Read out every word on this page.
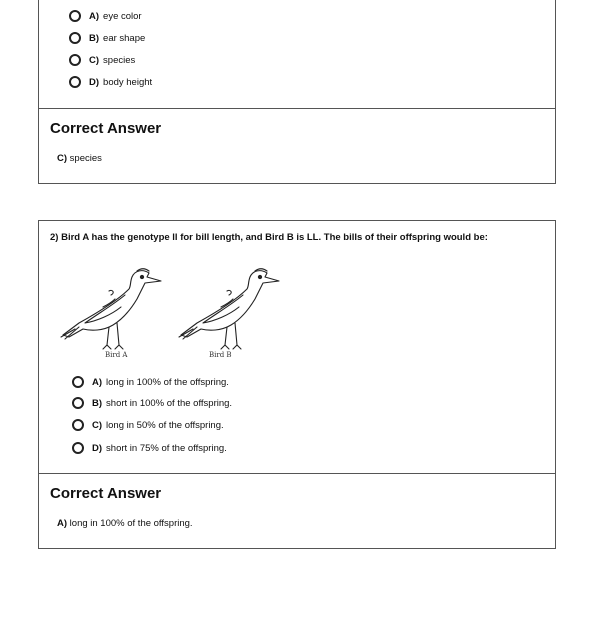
A) eye color
B) ear shape
C) species
D) body height
Correct Answer
C) species
2) Bird A has the genotype ll for bill length, and Bird B is LL. The bills of their offspring would be:
Bird A	Bird B
A) long in 100% of the offspring.
B) short in 100% of the offspring.
C) long in 50% of the offspring.
D) short in 75% of the offspring.
Correct Answer
A) long in 100% of the offspring.
